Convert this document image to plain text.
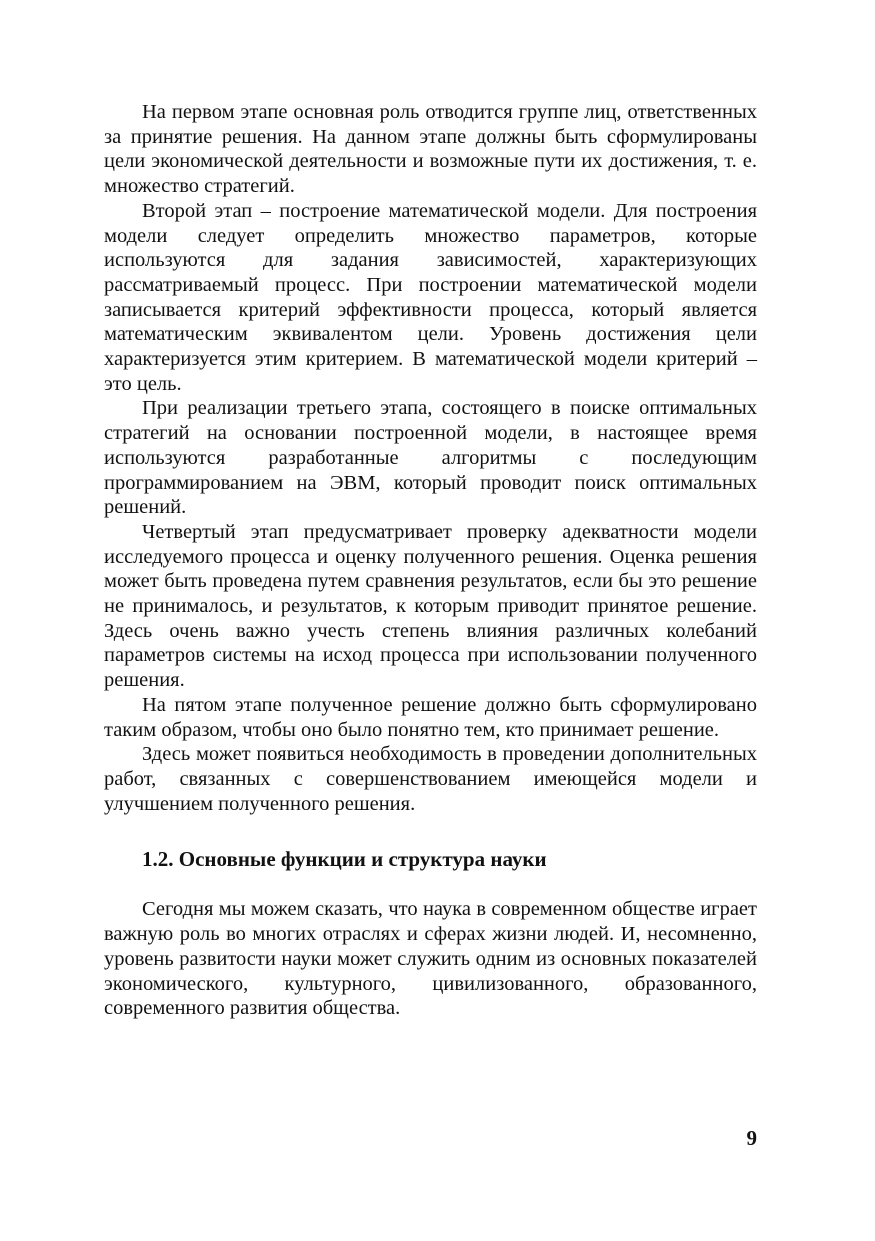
На первом этапе основная роль отводится группе лиц, ответственных за принятие решения. На данном этапе должны быть сформулированы цели экономической деятельности и возможные пути их достижения, т. е. множество стратегий.

Второй этап – построение математической модели. Для построения модели следует определить множество параметров, которые используются для задания зависимостей, характеризующих рассматриваемый процесс. При построении математической модели записывается критерий эффективности процесса, который является математическим эквивалентом цели. Уровень достижения цели характеризуется этим критерием. В математической модели критерий – это цель.

При реализации третьего этапа, состоящего в поиске оптимальных стратегий на основании построенной модели, в настоящее время используются разработанные алгоритмы с последующим программированием на ЭВМ, который проводит поиск оптимальных решений.

Четвертый этап предусматривает проверку адекватности модели исследуемого процесса и оценку полученного решения. Оценка решения может быть проведена путем сравнения результатов, если бы это решение не принималось, и результатов, к которым приводит принятое решение. Здесь очень важно учесть степень влияния различных колебаний параметров системы на исход процесса при использовании полученного решения.

На пятом этапе полученное решение должно быть сформулировано таким образом, чтобы оно было понятно тем, кто принимает решение.

Здесь может появиться необходимость в проведении дополнительных работ, связанных с совершенствованием имеющейся модели и улучшением полученного решения.

1.2. Основные функции и структура науки

Сегодня мы можем сказать, что наука в современном обществе играет важную роль во многих отраслях и сферах жизни людей. И, несомненно, уровень развитости науки может служить одним из основных показателей экономического, культурного, цивилизованного, образованного, современного развития общества.

9
